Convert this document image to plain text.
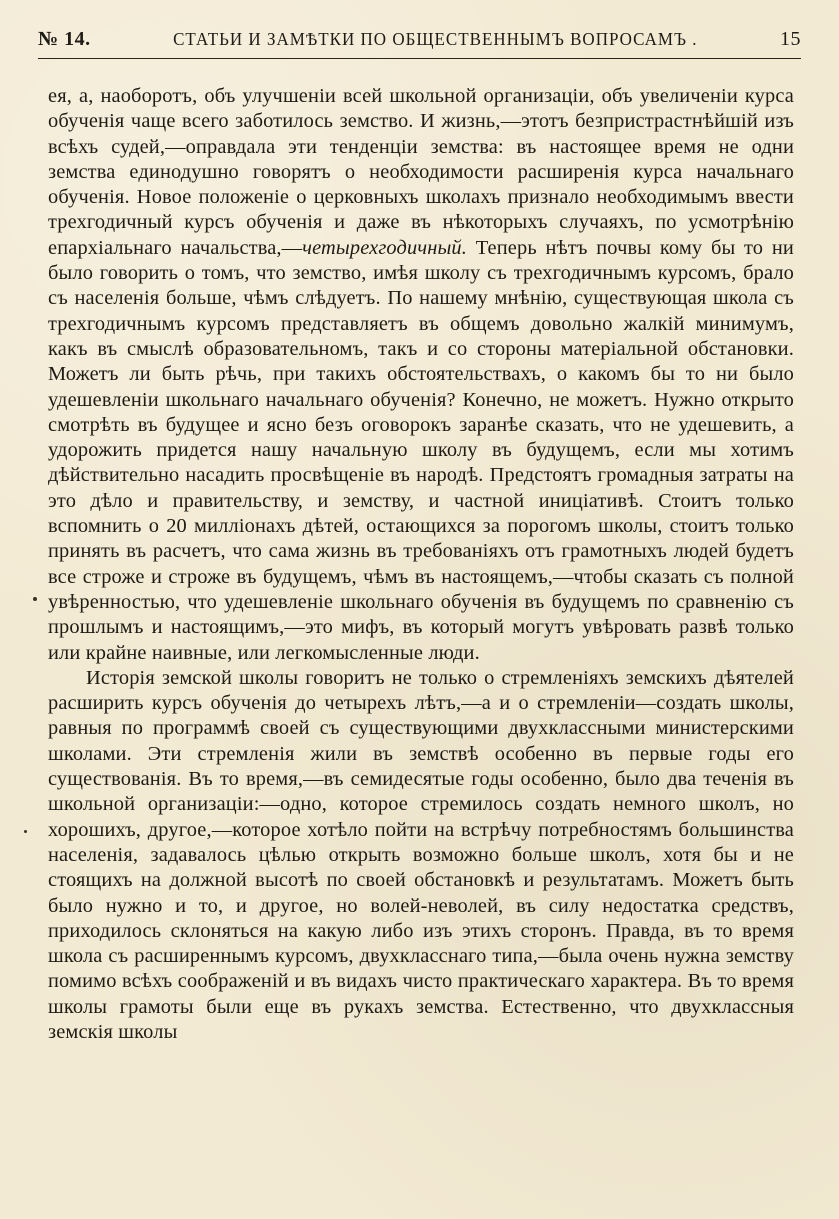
№ 14.	СТАТЬИ И ЗАМѢТКИ ПО ОБЩЕСТВЕННЫМЪ ВОПРОСАМЪ .	15

ея, а, наоборотъ, объ улучшеніи всей школьной организаціи, объ увеличеніи курса обученія чаще всего заботилось земство. И жизнь,—этотъ безпристрастнѣйшій изъ всѣхъ судей,—оправдала эти тенденціи земства: въ настоящее время не одни земства единодушно говорятъ о необходимости расширенія курса начальнаго обученія. Новое положеніе о церковныхъ школахъ признало необходимымъ ввести трехгодичный курсъ обученія и даже въ нѣкоторыхъ случаяхъ, по усмотрѣнію епархіальнаго начальства,—четырехгодичный. Теперь нѣтъ почвы кому бы то ни было говорить о томъ, что земство, имѣя школу съ трехгодичнымъ курсомъ, брало съ населенія больше, чѣмъ слѣдуетъ. По нашему мнѣнію, существующая школа съ трехгодичнымъ курсомъ представляетъ въ общемъ довольно жалкій минимумъ, какъ въ смыслѣ образовательномъ, такъ и со стороны матеріальной обстановки. Можетъ ли быть рѣчь, при такихъ обстоятельствахъ, о какомъ бы то ни было удешевленіи школьнаго начальнаго обученія? Конечно, не можетъ. Нужно открыто смотрѣть въ будущее и ясно безъ оговорокъ заранѣе сказать, что не удешевить, а удорожить придется нашу начальную школу въ будущемъ, если мы хотимъ дѣйствительно насадить просвѣщеніе въ народѣ. Предстоятъ громадныя затраты на это дѣло и правительству, и земству, и частной иниціативѣ. Стоитъ только вспомнить о 20 милліонахъ дѣтей, остающихся за порогомъ школы, стоитъ только принять въ расчетъ, что сама жизнь въ требованіяхъ отъ грамотныхъ людей будетъ все строже и строже въ будущемъ, чѣмъ въ настоящемъ,—чтобы сказать съ полной увѣренностью, что удешевленіе школьнаго обученія въ будущемъ по сравненію съ прошлымъ и настоящимъ,—это мифъ, въ который могутъ увѣровать развѣ только или крайне наивные, или легкомысленные люди.

Исторія земской школы говоритъ не только о стремленіяхъ земскихъ дѣятелей расширить курсъ обученія до четырехъ лѣтъ,—а и о стремленіи—создать школы, равныя по программѣ своей съ существующими двухклассными министерскими школами. Эти стремленія жили въ земствѣ особенно въ первые годы его существованія. Въ то время,—въ семидесятые годы особенно, было два теченія въ школьной организаціи:—одно, которое стремилось создать немного школъ, но хорошихъ, другое,—которое хотѣло пойти на встрѣчу потребностямъ большинства населенія, задавалось цѣлью открыть возможно больше школъ, хотя бы и не стоящихъ на должной высотѣ по своей обстановкѣ и результатамъ. Можетъ быть было нужно и то, и другое, но волей-неволей, въ силу недостатка средствъ, приходилось склоняться на какую либо изъ этихъ сторонъ. Правда, въ то время школа съ расширеннымъ курсомъ, двухкласснаго типа,—была очень нужна земству помимо всѣхъ соображеній и въ видахъ чисто практическаго характера. Въ то время школы грамоты были еще въ рукахъ земства. Естественно, что двухклассныя земскія школы
